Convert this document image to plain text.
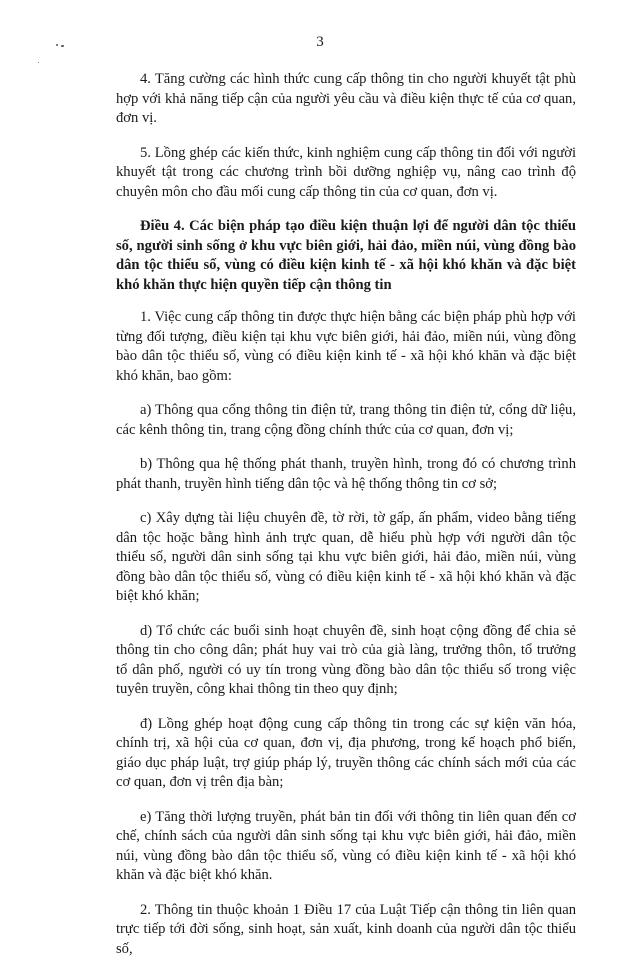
3

4. Tăng cường các hình thức cung cấp thông tin cho người khuyết tật phù hợp với khả năng tiếp cận của người yêu cầu và điều kiện thực tế của cơ quan, đơn vị.

5. Lồng ghép các kiến thức, kinh nghiệm cung cấp thông tin đối với người khuyết tật trong các chương trình bồi dưỡng nghiệp vụ, nâng cao trình độ chuyên môn cho đầu mối cung cấp thông tin của cơ quan, đơn vị.

Điều 4. Các biện pháp tạo điều kiện thuận lợi để người dân tộc thiểu số, người sinh sống ở khu vực biên giới, hải đảo, miền núi, vùng đồng bào dân tộc thiểu số, vùng có điều kiện kinh tế - xã hội khó khăn và đặc biệt khó khăn thực hiện quyền tiếp cận thông tin

1. Việc cung cấp thông tin được thực hiện bằng các biện pháp phù hợp với từng đối tượng, điều kiện tại khu vực biên giới, hải đảo, miền núi, vùng đồng bào dân tộc thiểu số, vùng có điều kiện kinh tế - xã hội khó khăn và đặc biệt khó khăn, bao gồm:

a) Thông qua cổng thông tin điện tử, trang thông tin điện tử, cổng dữ liệu, các kênh thông tin, trang cộng đồng chính thức của cơ quan, đơn vị;

b) Thông qua hệ thống phát thanh, truyền hình, trong đó có chương trình phát thanh, truyền hình tiếng dân tộc và hệ thống thông tin cơ sở;

c) Xây dựng tài liệu chuyên đề, tờ rời, tờ gấp, ấn phẩm, video bằng tiếng dân tộc hoặc bằng hình ảnh trực quan, dễ hiểu phù hợp với người dân tộc thiểu số, người dân sinh sống tại khu vực biên giới, hải đảo, miền núi, vùng đồng bào dân tộc thiểu số, vùng có điều kiện kinh tế - xã hội khó khăn và đặc biệt khó khăn;

d) Tổ chức các buổi sinh hoạt chuyên đề, sinh hoạt cộng đồng để chia sẻ thông tin cho công dân; phát huy vai trò của già làng, trưởng thôn, tổ trưởng tổ dân phố, người có uy tín trong vùng đồng bào dân tộc thiểu số trong việc tuyên truyền, công khai thông tin theo quy định;

đ) Lồng ghép hoạt động cung cấp thông tin trong các sự kiện văn hóa, chính trị, xã hội của cơ quan, đơn vị, địa phương, trong kế hoạch phổ biến, giáo dục pháp luật, trợ giúp pháp lý, truyền thông các chính sách mới của các cơ quan, đơn vị trên địa bàn;

e) Tăng thời lượng truyền, phát bản tin đối với thông tin liên quan đến cơ chế, chính sách của người dân sinh sống tại khu vực biên giới, hải đảo, miền núi, vùng đồng bào dân tộc thiểu số, vùng có điều kiện kinh tế - xã hội khó khăn và đặc biệt khó khăn.

2. Thông tin thuộc khoản 1 Điều 17 của Luật Tiếp cận thông tin liên quan trực tiếp tới đời sống, sinh hoạt, sản xuất, kinh doanh của người dân tộc thiểu số,
